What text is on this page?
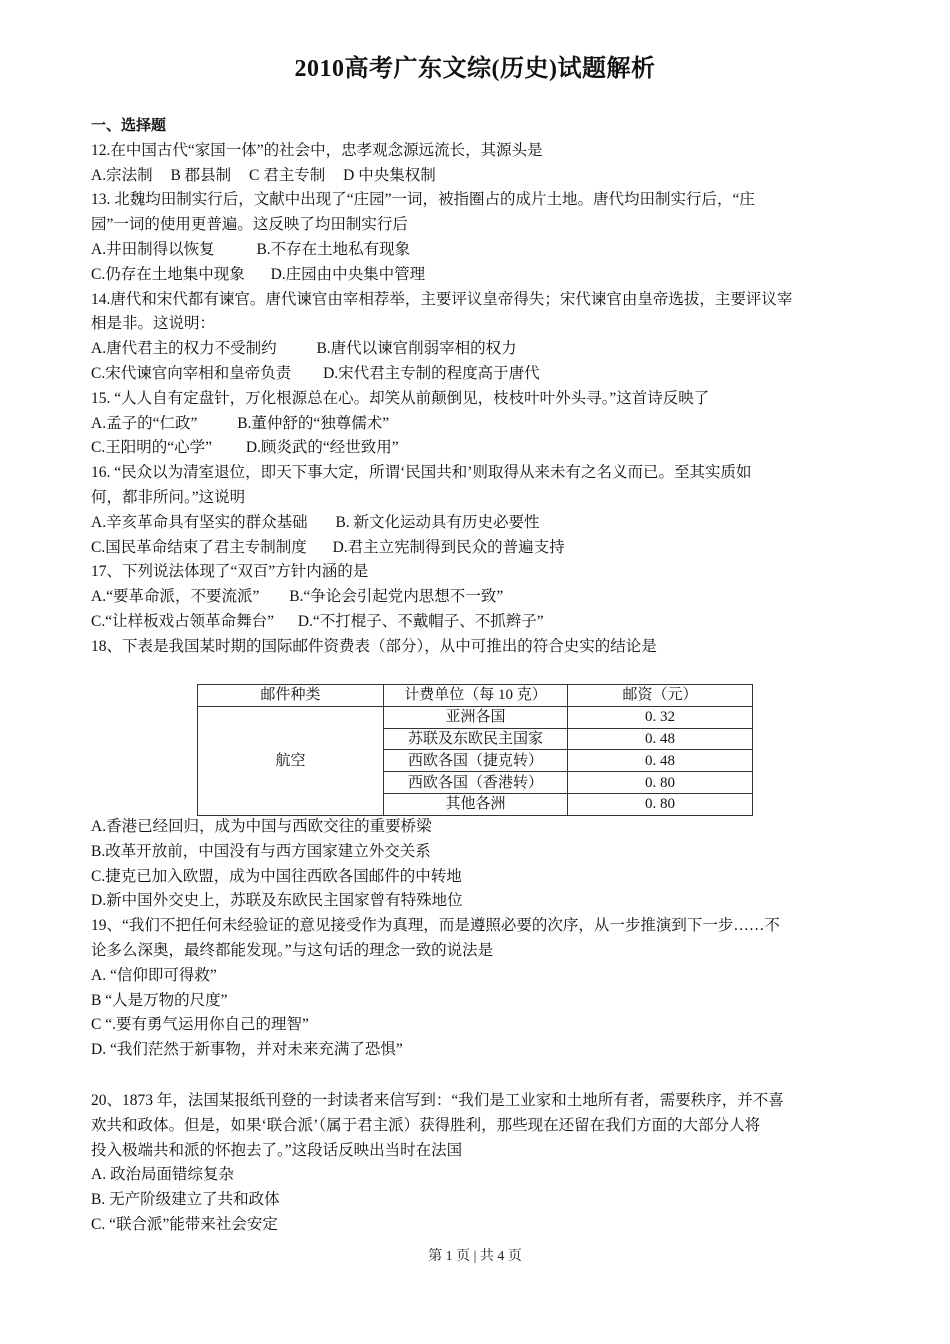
2010高考广东文综(历史)试题解析
一、选择题
12.在中国古代“家国一体”的社会中，忠孝观念源远流长，其源头是
A.宗法制 B 郡县制 C 君主专制 D 中央集权制
13. 北魏均田制实行后，文献中出现了“庄园”一词，被指圈占的成片土地。唐代均田制实行后，“庄
园”一词的使用更普遍。这反映了均田制实行后
A.井田制得以恢复	B.不存在土地私有现象
C.仍存在土地集中现象 D.庄园由中央集中管理
14.唐代和宋代都有谏官。唐代谏官由宰相荐举，主要评议皇帝得失；宋代谏官由皇帝选拔，主要评议宰
相是非。这说明：
A.唐代君主的权力不受制约	B.唐代以谏官削弱宰相的权力
C.宋代谏官向宰相和皇帝负责 D.宋代君主专制的程度高于唐代
15. “人人自有定盘针，万化根源总在心。却笑从前颠倒见，枝枝叶叶外头寻。”这首诗反映了
A.孟子的“仁政”	B.董仲舒的“独尊儒术”
C.王阳明的“心学” D.顾炎武的“经世致用”
16. “民众以为清室退位，即天下事大定，所谓‘民国共和’则取得从来未有之名义而已。至其实质如
何，都非所问。”这说明
A.辛亥革命具有坚实的群众基础 B. 新文化运动具有历史必要性
C.国民革命结束了君主专制制度 D.君主立宪制得到民众的普遍支持
17、下列说法体现了“双百”方针内涵的是
A.“要革命派，不要流派” B.“争论会引起党内思想不一致”
C.“让样板戏占领革命舞台” D.“不打棍子、不戴帽子、不抓辫子”
18、下表是我国某时期的国际邮件资费表（部分），从中可推出的符合史实的结论是
邮件种类	计费单位（每 10 克）	邮资（元）
航空	亚洲各国	0. 32
	苏联及东欧民主国家	0. 48
	西欧各国（捷克转）	0. 48
	西欧各国（香港转）	0. 80
	其他各洲	0. 80
A.香港已经回归，成为中国与西欧交往的重要桥梁
B.改革开放前，中国没有与西方国家建立外交关系
C.捷克已加入欧盟，成为中国往西欧各国邮件的中转地
D.新中国外交史上，苏联及东欧民主国家曾有特殊地位
19、“我们不把任何未经验证的意见接受作为真理，而是遵照必要的次序，从一步推演到下一步……不
论多么深奥，最终都能发现。”与这句话的理念一致的说法是
A. “信仰即可得救”
B “人是万物的尺度”
C “.要有勇气运用你自己的理智”
D. “我们茫然于新事物，并对未来充满了恐惧”
20、1873 年，法国某报纸刊登的一封读者来信写到：“我们是工业家和土地所有者，需要秩序，并不喜
欢共和政体。但是，如果‘联合派’（属于君主派）获得胜利，那些现在还留在我们方面的大部分人将
投入极端共和派的怀抱去了。”这段话反映出当时在法国
A. 政治局面错综复杂
B. 无产阶级建立了共和政体
C. “联合派”能带来社会安定
第 1 页 | 共 4 页
